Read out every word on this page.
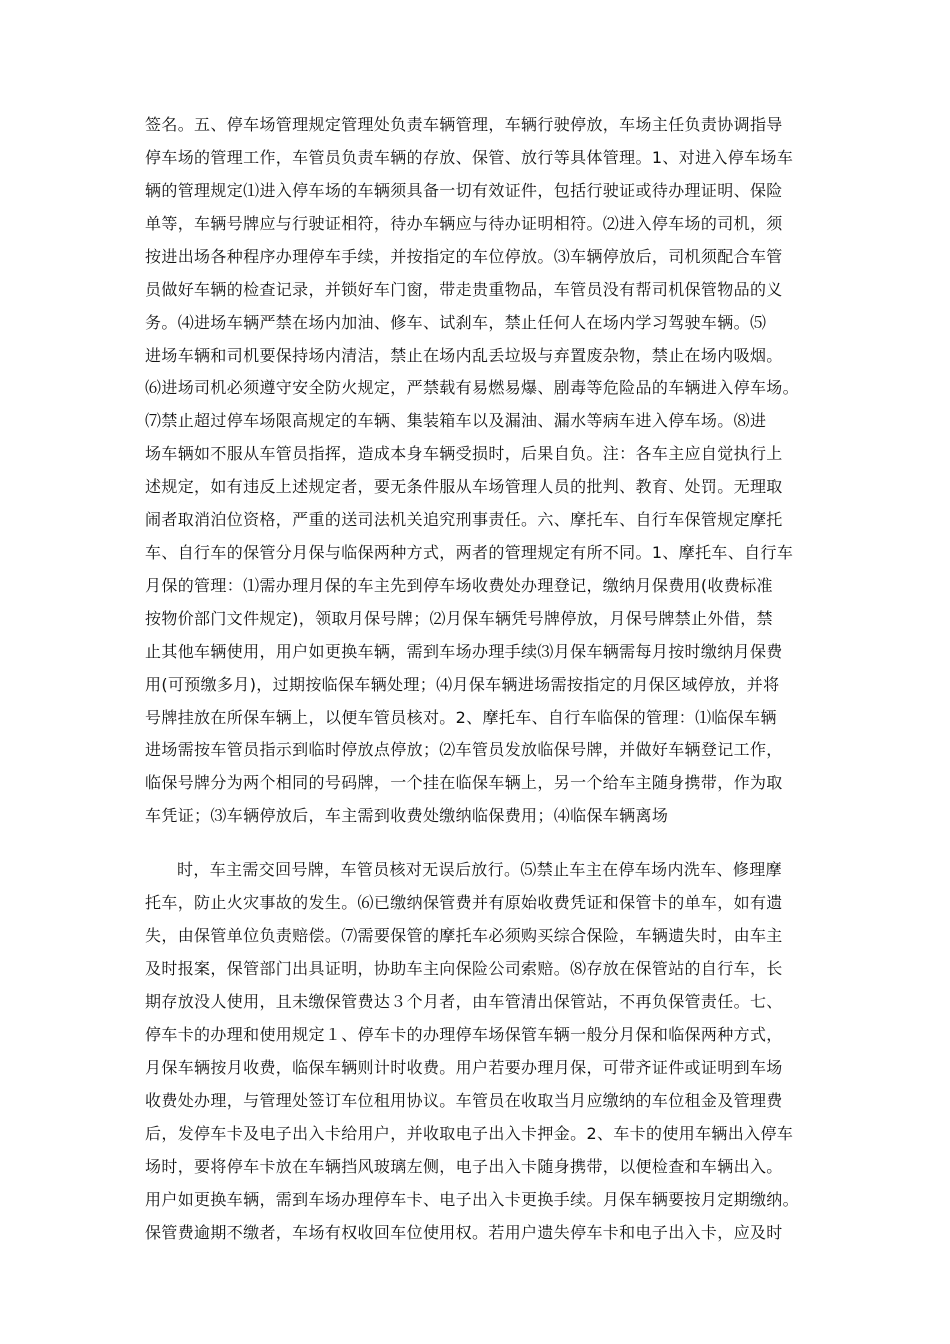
签名。五、停车场管理规定管理处负责车辆管理，车辆行驶停放，车场主任负责协调指导
停车场的管理工作，车管员负责车辆的存放、保管、放行等具体管理。1、对进入停车场车
辆的管理规定⑴进入停车场的车辆须具备一切有效证件，包括行驶证或待办理证明、保险
单等，车辆号牌应与行驶证相符，待办车辆应与待办证明相符。⑵进入停车场的司机，须
按进出场各种程序办理停车手续，并按指定的车位停放。⑶车辆停放后，司机须配合车管
员做好车辆的检查记录，并锁好车门窗，带走贵重物品，车管员没有帮司机保管物品的义
务。⑷进场车辆严禁在场内加油、修车、试刹车，禁止任何人在场内学习驾驶车辆。⑸
进场车辆和司机要保持场内清洁，禁止在场内乱丢垃圾与弃置废杂物，禁止在场内吸烟。
⑹进场司机必须遵守安全防火规定，严禁载有易燃易爆、剧毒等危险品的车辆进入停车场。
⑺禁止超过停车场限高规定的车辆、集装箱车以及漏油、漏水等病车进入停车场。⑻进
场车辆如不服从车管员指挥，造成本身车辆受损时，后果自负。注：各车主应自觉执行上
述规定，如有违反上述规定者，要无条件服从车场管理人员的批判、教育、处罚。无理取
闹者取消泊位资格，严重的送司法机关追究刑事责任。六、摩托车、自行车保管规定摩托
车、自行车的保管分月保与临保两种方式，两者的管理规定有所不同。1、摩托车、自行车
月保的管理：⑴需办理月保的车主先到停车场收费处办理登记，缴纳月保费用(收费标准
按物价部门文件规定)，领取月保号牌；⑵月保车辆凭号牌停放，月保号牌禁止外借，禁
止其他车辆使用，用户如更换车辆，需到车场办理手续⑶月保车辆需每月按时缴纳月保费
用(可预缴多月)，过期按临保车辆处理；⑷月保车辆进场需按指定的月保区域停放，并将
号牌挂放在所保车辆上，以便车管员核对。2、摩托车、自行车临保的管理：⑴临保车辆
进场需按车管员指示到临时停放点停放；⑵车管员发放临保号牌，并做好车辆登记工作，
临保号牌分为两个相同的号码牌，一个挂在临保车辆上，另一个给车主随身携带，作为取
车凭证；⑶车辆停放后，车主需到收费处缴纳临保费用；⑷临保车辆离场
时，车主需交回号牌，车管员核对无误后放行。⑸禁止车主在停车场内洗车、修理摩
托车，防止火灾事故的发生。⑹已缴纳保管费并有原始收费凭证和保管卡的单车，如有遗
失，由保管单位负责赔偿。⑺需要保管的摩托车必须购买综合保险，车辆遗失时，由车主
及时报案，保管部门出具证明，协助车主向保险公司索赔。⑻存放在保管站的自行车，长
期存放没人使用，且未缴保管费达３个月者，由车管清出保管站，不再负保管责任。七、
停车卡的办理和使用规定１、停车卡的办理停车场保管车辆一般分月保和临保两种方式，
月保车辆按月收费，临保车辆则计时收费。用户若要办理月保，可带齐证件或证明到车场
收费处办理，与管理处签订车位租用协议。车管员在收取当月应缴纳的车位租金及管理费
后，发停车卡及电子出入卡给用户，并收取电子出入卡押金。2、车卡的使用车辆出入停车
场时，要将停车卡放在车辆挡风玻璃左侧，电子出入卡随身携带，以便检查和车辆出入。
用户如更换车辆，需到车场办理停车卡、电子出入卡更换手续。月保车辆要按月定期缴纳。
保管费逾期不缴者，车场有权收回车位使用权。若用户遗失停车卡和电子出入卡，应及时
